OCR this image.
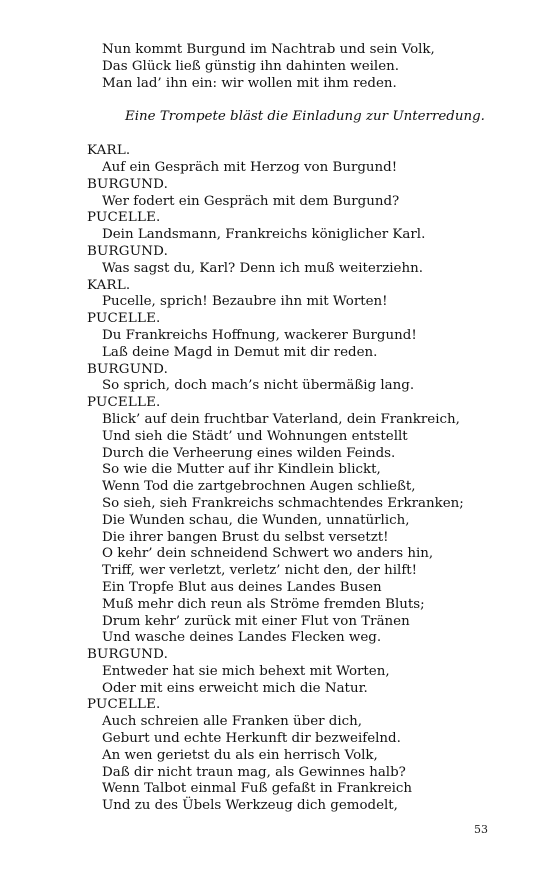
Nun kommt Burgund im Nachtrab und sein Volk,
Das Glück ließ günstig ihn dahinten weilen.
Man lad’ ihn ein: wir wollen mit ihm reden.
Eine Trompete bläst die Einladung zur Unterredung.
KARL.
Auf ein Gespräch mit Herzog von Burgund!
BURGUND.
Wer fodert ein Gespräch mit dem Burgund?
PUCELLE.
Dein Landsmann, Frankreichs königlicher Karl.
BURGUND.
Was sagst du, Karl? Denn ich muß weiterziehn.
KARL.
Pucelle, sprich! Bezaubre ihn mit Worten!
PUCELLE.
Du Frankreichs Hoffnung, wackerer Burgund!
Laß deine Magd in Demut mit dir reden.
BURGUND.
So sprich, doch mach’s nicht übermäßig lang.
PUCELLE.
Blick’ auf dein fruchtbar Vaterland, dein Frankreich,
Und sieh die Städt’ und Wohnungen entstellt
Durch die Verheerung eines wilden Feinds.
So wie die Mutter auf ihr Kindlein blickt,
Wenn Tod die zartgebrochnen Augen schließt,
So sieh, sieh Frankreichs schmachtendes Erkranken;
Die Wunden schau, die Wunden, unnatürlich,
Die ihrer bangen Brust du selbst versetzt!
O kehr’ dein schneidend Schwert wo anders hin,
Triff, wer verletzt, verletz’ nicht den, der hilft!
Ein Tropfe Blut aus deines Landes Busen
Muß mehr dich reun als Ströme fremden Bluts;
Drum kehr’ zurück mit einer Flut von Tränen
Und wasche deines Landes Flecken weg.
BURGUND.
Entweder hat sie mich behext mit Worten,
Oder mit eins erweicht mich die Natur.
PUCELLE.
Auch schreien alle Franken über dich,
Geburt und echte Herkunft dir bezweifelnd.
An wen gerietst du als ein herrisch Volk,
Daß dir nicht traun mag, als Gewinnes halb?
Wenn Talbot einmal Fuß gefaßt in Frankreich
Und zu des Übels Werkzeug dich gemodelt,
53
